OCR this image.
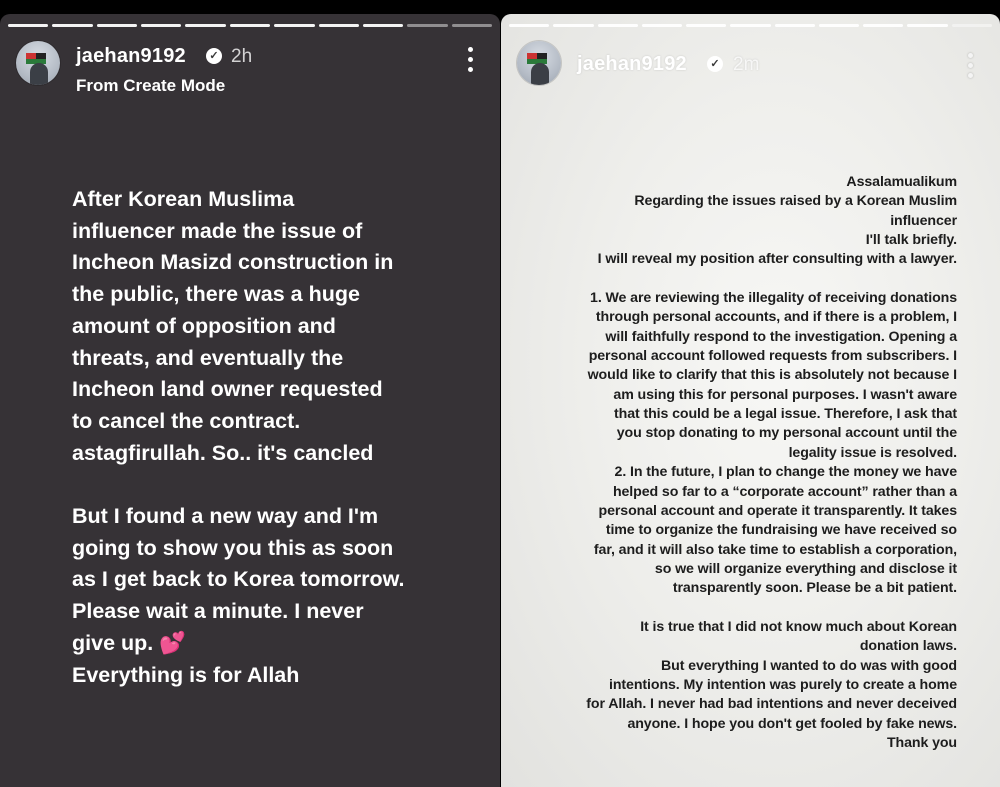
jaehan9192	✓ 2h
From Create Mode

After Korean Muslima
influencer made the issue of
Incheon Masizd construction in
the public, there was a huge
amount of opposition and
threats, and eventually the
Incheon land owner requested
to cancel the contract.
astagfirullah. So.. it's cancled

But I found a new way and I'm
going to show you this as soon
as I get back to Korea tomorrow.
Please wait a minute. I never
give up. 💕

Everything is for Allah

jaehan9192	✓ 2m

Assalamualikum
Regarding the issues raised by a Korean Muslim
influencer
I'll talk briefly.
I will reveal my position after consulting with a lawyer.

1. We are reviewing the illegality of receiving donations
through personal accounts, and if there is a problem, I
will faithfully respond to the investigation. Opening a
personal account followed requests from subscribers. I
would like to clarify that this is absolutely not because I
am using this for personal purposes. I wasn't aware
that this could be a legal issue. Therefore, I ask that
you stop donating to my personal account until the
legality issue is resolved.

2. In the future, I plan to change the money we have
helped so far to a “corporate account” rather than a
personal account and operate it transparently. It takes
time to organize the fundraising we have received so
far, and it will also take time to establish a corporation,
so we will organize everything and disclose it
transparently soon. Please be a bit patient.

It is true that I did not know much about Korean
donation laws.
But everything I wanted to do was with good
intentions. My intention was purely to create a home
for Allah. I never had bad intentions and never deceived
anyone. I hope you don't get fooled by fake news.
Thank you
